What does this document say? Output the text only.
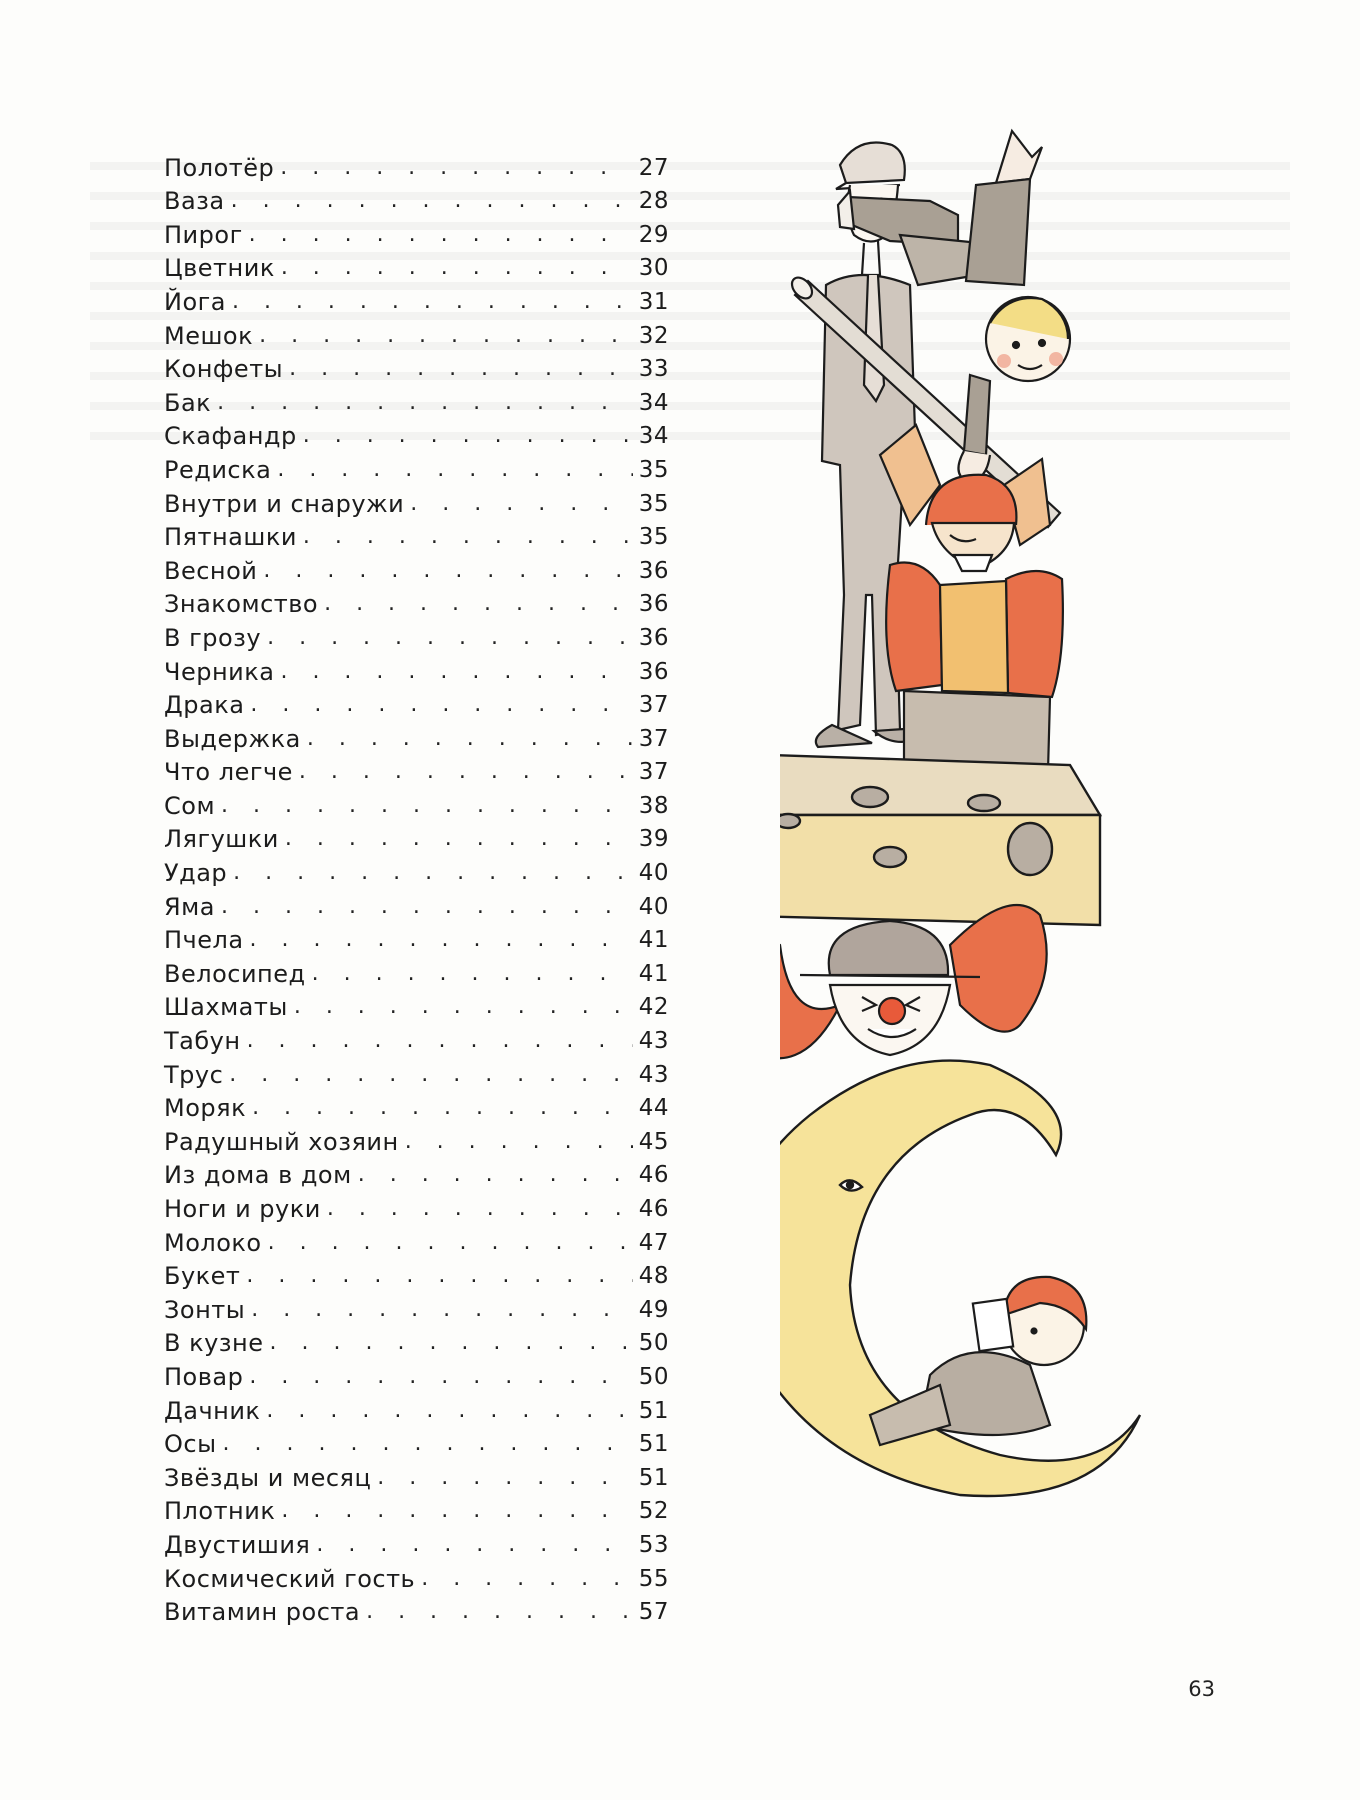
Полотёр . . .	27
Ваза . . .	28
Пирог . . .	29
Цветник . . .	30
Йога . . .	31
Мешок . . .	32
Конфеты . . .	33
Бак . . .	34
Скафандр . . .	34
Редиска . . .	35
Внутри и снаружи . . .	35
Пятнашки . . .	35
Весной . . .	36
Знакомство . . .	36
В грозу . . .	36
Черника . . .	36
Драка . . .	37
Выдержка . . .	37
Что легче . . .	37
Сом . . .	38
Лягушки . . .	39
Удар . . .	40
Яма . . .	40
Пчела . . .	41
Велосипед . . .	41
Шахматы . . .	42
Табун . . .	43
Трус . . .	43
Моряк . . .	44
Радушный хозяин . . .	45
Из дома в дом . . .	46
Ноги и руки . . .	46
Молоко . . .	47
Букет . . .	48
Зонты . . .	49
В кузне . . .	50
Повар . . .	50
Дачник . . .	51
Осы . . .	51
Звёзды и месяц . . .	51
Плотник . . .	52
Двустишия . . .	53
Космический гость . . .	55
Витамин роста . . .	57
63
